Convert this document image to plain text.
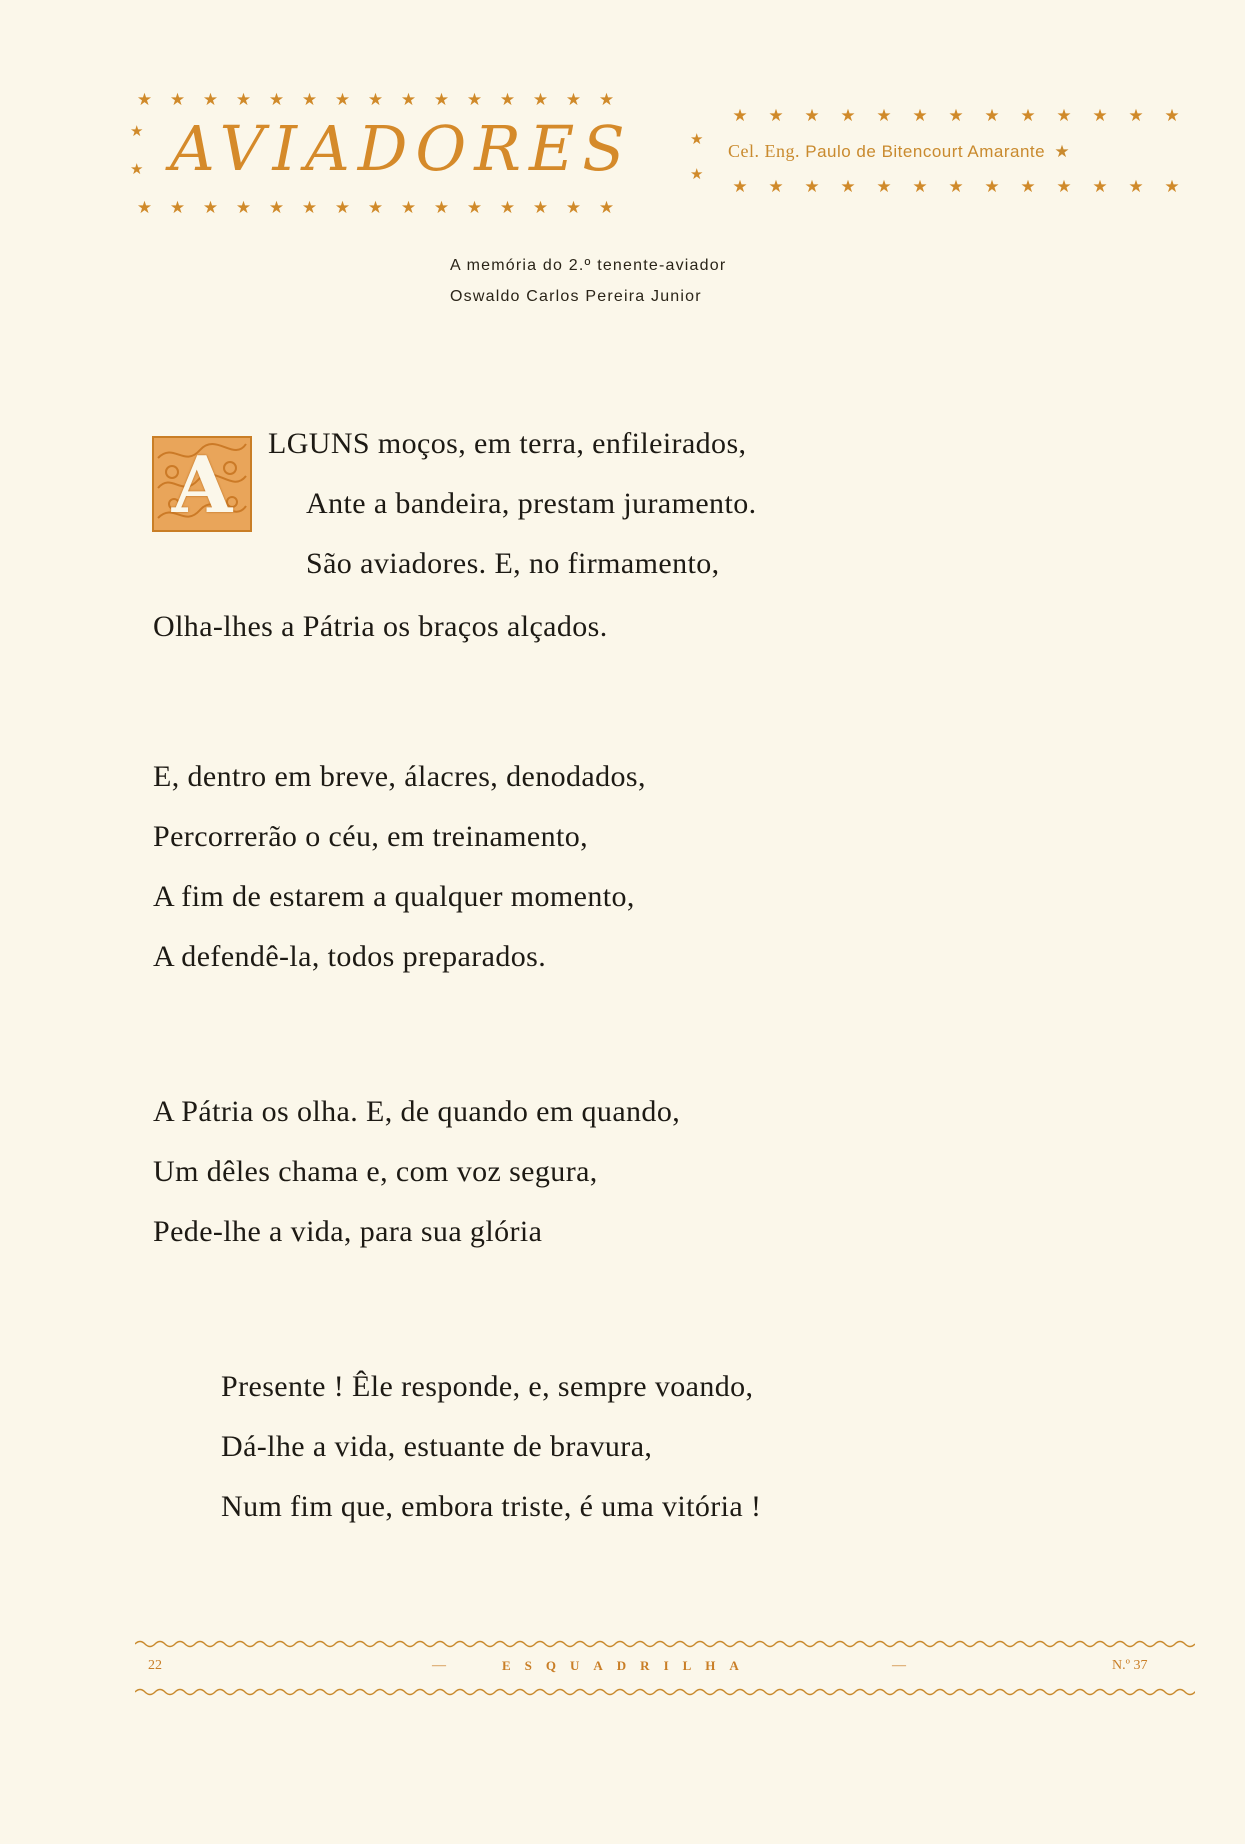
★ ★ ★ ★ ★ ★ ★ ★ ★ ★ ★ ★ ★ ★ ★
★
★
★
★
AVIADORES
★ ★ ★ ★ ★ ★ ★ ★ ★ ★ ★ ★ ★ ★ ★
★ ★ ★ ★ ★ ★ ★ ★ ★ ★ ★ ★ ★
Cel. Eng. Paulo de Bitencourt Amarante ★
★ ★ ★ ★ ★ ★ ★ ★ ★ ★ ★ ★ ★
A memória do 2.º tenente-aviador
Oswaldo Carlos Pereira Junior
A	LGUNS moços, em terra, enfileirados,
Ante a bandeira, prestam juramento.
São aviadores. E, no firmamento,
Olha-lhes a Pátria os braços alçados.
E, dentro em breve, álacres, denodados,
Percorrerão o céu, em treinamento,
A fim de estarem a qualquer momento,
A defendê-la, todos preparados.
A Pátria os olha. E, de quando em quando,
Um dêles chama e, com voz segura,
Pede-lhe a vida, para sua glória
Presente ! Êle responde, e, sempre voando,
Dá-lhe a vida, estuante de bravura,
Num fim que, embora triste, é uma vitória !
22	—	ESQUADRILHA	—	N.º 37
